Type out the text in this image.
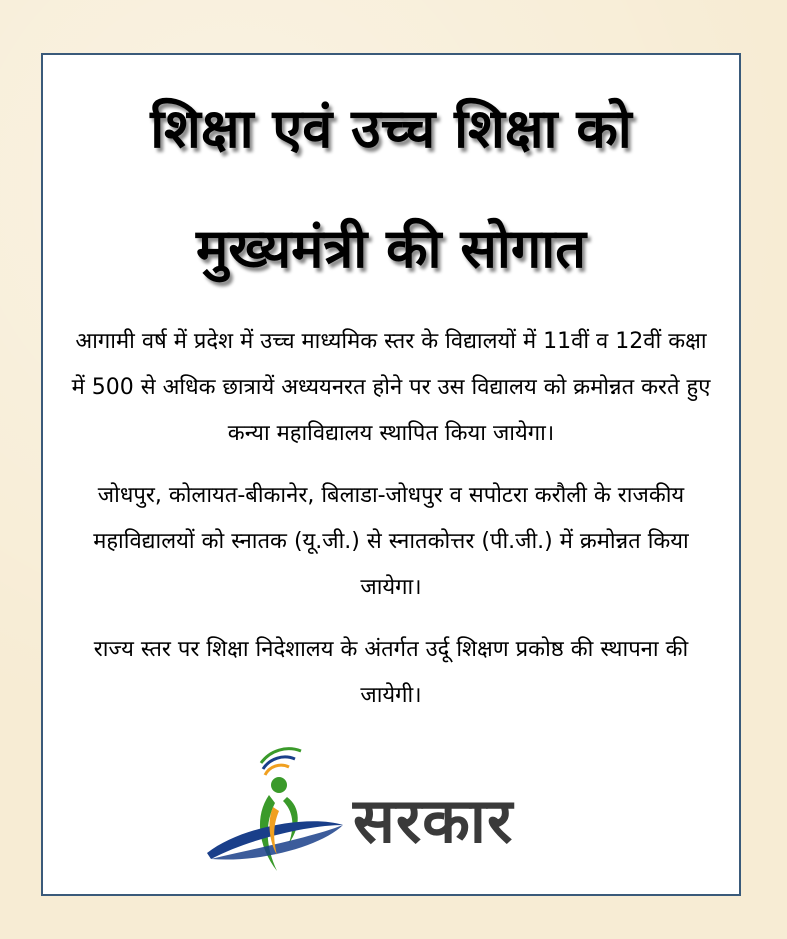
शिक्षा एवं उच्च शिक्षा को
मुख्यमंत्री की सोगात

आगामी वर्ष में प्रदेश में उच्च माध्यमिक स्तर के विद्यालयों में 11वीं व 12वीं कक्षा में 500 से अधिक छात्रायें अध्ययनरत होने पर उस विद्यालय को क्रमोन्नत करते हुए कन्या महाविद्यालय स्थापित किया जायेगा।

जोधपुर, कोलायत-बीकानेर, बिलाडा-जोधपुर व सपोटरा करौली के राजकीय महाविद्यालयों को स्नातक (यू.जी.) से स्नातकोत्तर (पी.जी.) में क्रमोन्नत किया जायेगा।

राज्य स्तर पर शिक्षा निदेशालय के अंतर्गत उर्दू शिक्षण प्रकोष्ठ की स्थापना की जायेगी।

सरकार
